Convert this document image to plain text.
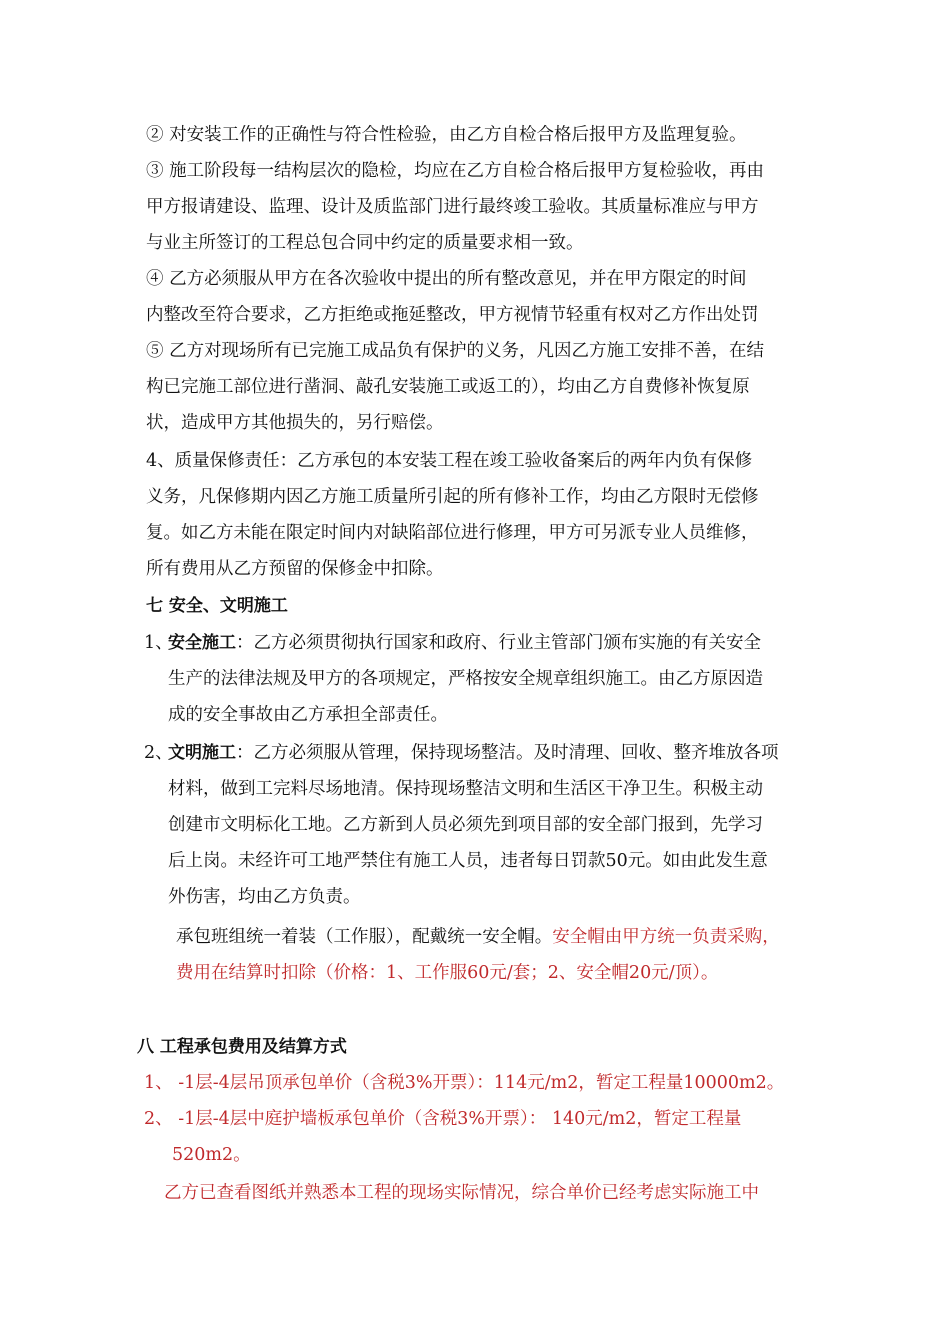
② 对安装工作的正确性与符合性检验，由乙方自检合格后报甲方及监理复验。
③ 施工阶段每一结构层次的隐检，均应在乙方自检合格后报甲方复检验收，再由
甲方报请建设、监理、设计及质监部门进行最终竣工验收。其质量标准应与甲方
与业主所签订的工程总包合同中约定的质量要求相一致。
④ 乙方必须服从甲方在各次验收中提出的所有整改意见，并在甲方限定的时间
内整改至符合要求，乙方拒绝或拖延整改，甲方视情节轻重有权对乙方作出处罚
⑤ 乙方对现场所有已完施工成品负有保护的义务，凡因乙方施工安排不善，在结
构已完施工部位进行凿洞、敲孔安装施工或返工的），均由乙方自费修补恢复原
状，造成甲方其他损失的，另行赔偿。
4、质量保修责任：乙方承包的本安装工程在竣工验收备案后的两年内负有保修
义务，凡保修期内因乙方施工质量所引起的所有修补工作，均由乙方限时无偿修
复。如乙方未能在限定时间内对缺陷部位进行修理，甲方可另派专业人员维修，
所有费用从乙方预留的保修金中扣除。
七 安全、文明施工
1、
安全施工：乙方必须贯彻执行国家和政府、行业主管部门颁布实施的有关安全
生产的法律法规及甲方的各项规定，严格按安全规章组织施工。由乙方原因造
成的安全事故由乙方承担全部责任。
2、
文明施工：乙方必须服从管理，保持现场整洁。及时清理、回收、整齐堆放各项
材料，做到工完料尽场地清。保持现场整洁文明和生活区干净卫生。积极主动
创建市文明标化工地。乙方新到人员必须先到项目部的安全部门报到，先学习
后上岗。未经许可工地严禁住有施工人员，违者每日罚款50元。如由此发生意
外伤害，均由乙方负责。
承包班组统一着装（工作服），配戴统一安全帽。安全帽由甲方统一负责采购，
费用在结算时扣除（价格：1、工作服60元/套；2、安全帽20元/顶）。
八 工程承包费用及结算方式
1、 -1层-4层吊顶承包单价（含税3%开票）：114元/m2，暂定工程量10000m2。
2、 -1层-4层中庭护墙板承包单价（含税3%开票）： 140元/m2，暂定工程量
520m2。
乙方已查看图纸并熟悉本工程的现场实际情况，综合单价已经考虑实际施工中
